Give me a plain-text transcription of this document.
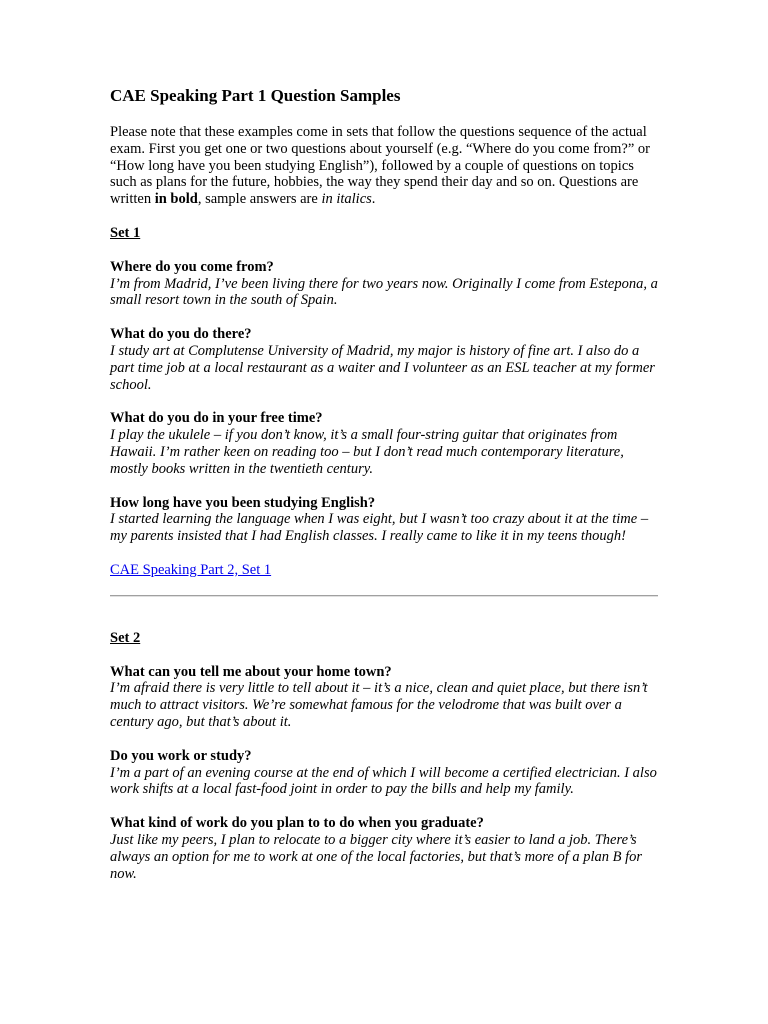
CAE Speaking Part 1 Question Samples

Please note that these examples come in sets that follow the questions sequence of the actual exam. First you get one or two questions about yourself (e.g. “Where do you come from?” or “How long have you been studying English”), followed by a couple of questions on topics such as plans for the future, hobbies, the way they spend their day and so on. Questions are written in bold, sample answers are in italics.

Set 1

Where do you come from?

I’m from Madrid, I’ve been living there for two years now. Originally I come from Estepona, a small resort town in the south of Spain.

What do you do there?

I study art at Complutense University of Madrid, my major is history of fine art. I also do a part time job at a local restaurant as a waiter and I volunteer as an ESL teacher at my former school.

What do you do in your free time?

I play the ukulele – if you don’t know, it’s a small four-string guitar that originates from Hawaii. I’m rather keen on reading too – but I don’t read much contemporary literature, mostly books written in the twentieth century.

How long have you been studying English?

I started learning the language when I was eight, but I wasn’t too crazy about it at the time – my parents insisted that I had English classes. I really came to like it in my teens though!

CAE Speaking Part 2, Set 1

Set 2

What can you tell me about your home town?

I’m afraid there is very little to tell about it – it’s a nice, clean and quiet place, but there isn’t much to attract visitors. We’re somewhat famous for the velodrome that was built over a century ago, but that’s about it.

Do you work or study?

I’m a part of an evening course at the end of which I will become a certified electrician. I also work shifts at a local fast-food joint in order to pay the bills and help my family.

What kind of work do you plan to to do when you graduate?

Just like my peers, I plan to relocate to a bigger city where it’s easier to land a job. There’s always an option for me to work at one of the local factories, but that’s more of a plan B for now.
